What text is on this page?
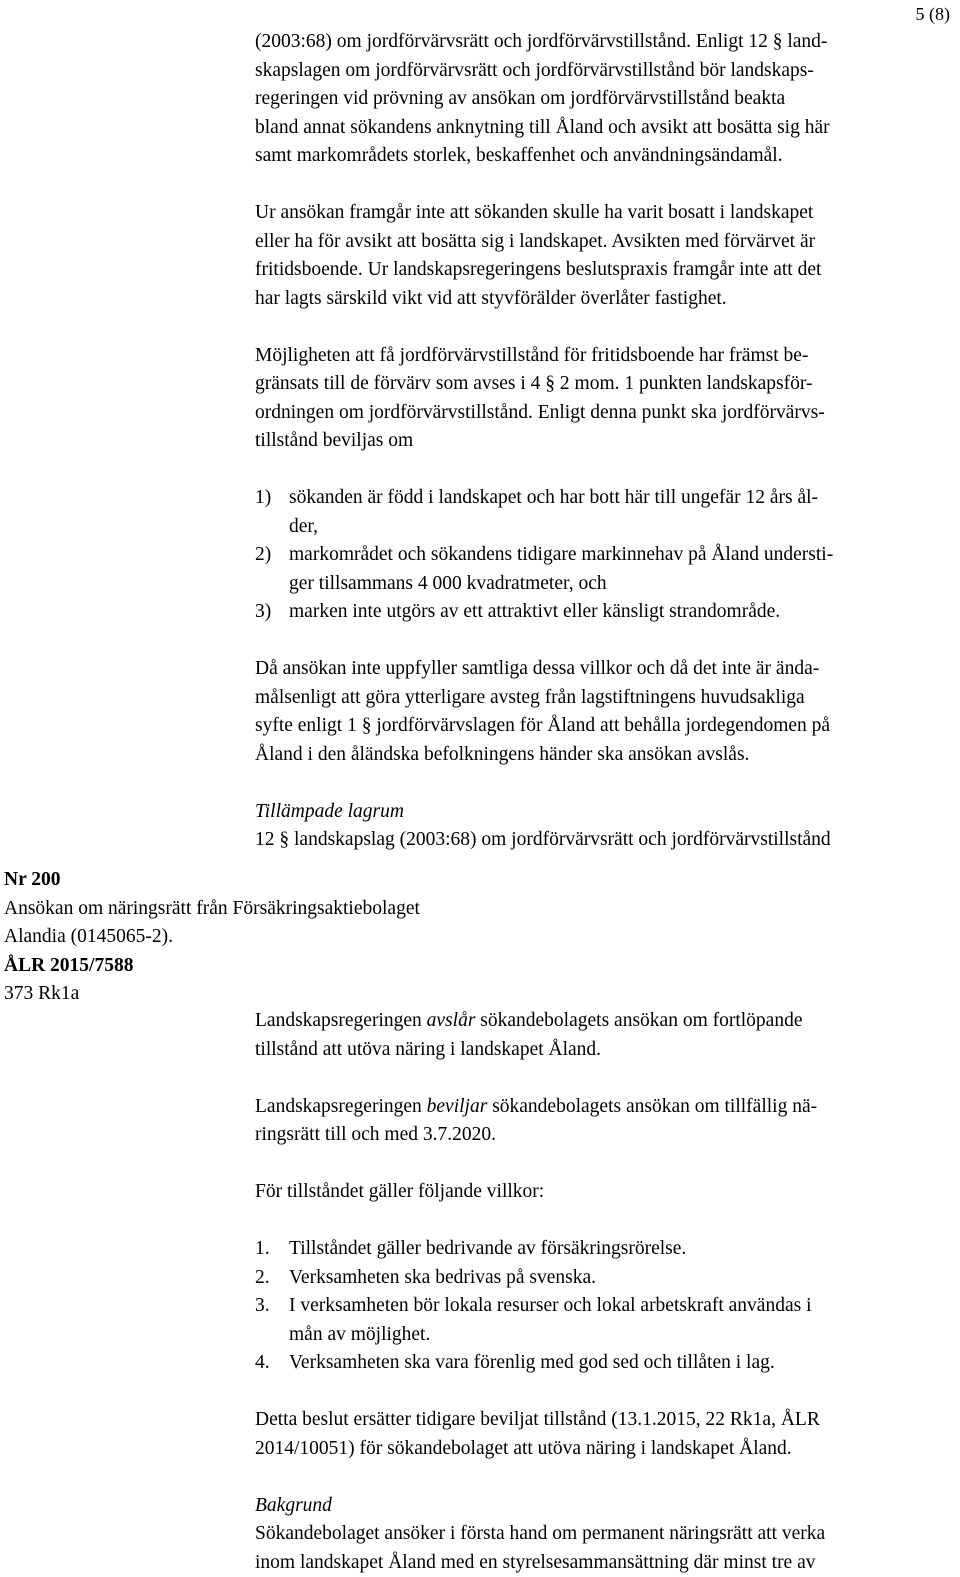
5 (8)

(2003:68) om jordförvärvsrätt och jordförvärvstillstånd. Enligt 12 § land-
skapslagen om jordförvärvsrätt och jordförvärvstillstånd bör landskaps-
regeringen vid prövning av ansökan om jordförvärvstillstånd beakta
bland annat sökandens anknytning till Åland och avsikt att bosätta sig här
samt markområdets storlek, beskaffenhet och användningsändamål.

Ur ansökan framgår inte att sökanden skulle ha varit bosatt i landskapet
eller ha för avsikt att bosätta sig i landskapet. Avsikten med förvärvet är
fritidsboende. Ur landskapsregeringens beslutspraxis framgår inte att det
har lagts särskild vikt vid att styvförälder överlåter fastighet.

Möjligheten att få jordförvärvstillstånd för fritidsboende har främst be-
gränsats till de förvärv som avses i 4 § 2 mom. 1 punkten landskapsför-
ordningen om jordförvärvstillstånd. Enligt denna punkt ska jordförvärvs-
tillstånd beviljas om

1) sökanden är född i landskapet och har bott här till ungefär 12 års ål-
der,
2) markområdet och sökandens tidigare markinnehav på Åland understi-
ger tillsammans 4 000 kvadratmeter, och
3) marken inte utgörs av ett attraktivt eller känsligt strandområde.

Då ansökan inte uppfyller samtliga dessa villkor och då det inte är ända-
målsenligt att göra ytterligare avsteg från lagstiftningens huvudsakliga
syfte enligt 1 § jordförvärvslagen för Åland att behålla jordegendomen på
Åland i den åländska befolkningens händer ska ansökan avslås.

Tillämpade lagrum

12 § landskapslag (2003:68) om jordförvärvsrätt och jordförvärvstillstånd

Nr 200
Ansökan om näringsrätt från Försäkringsaktiebolaget
Alandia (0145065-2).
ÅLR 2015/7588
373 Rk1a

Landskapsregeringen avslår sökandebolagets ansökan om fortlöpande
tillstånd att utöva näring i landskapet Åland.

Landskapsregeringen beviljar sökandebolagets ansökan om tillfällig nä-
ringsrätt till och med 3.7.2020.

För tillståndet gäller följande villkor:

1. Tillståndet gäller bedrivande av försäkringsrörelse.
2. Verksamheten ska bedrivas på svenska.
3. I verksamheten bör lokala resurser och lokal arbetskraft användas i
mån av möjlighet.
4. Verksamheten ska vara förenlig med god sed och tillåten i lag.

Detta beslut ersätter tidigare beviljat tillstånd (13.1.2015, 22 Rk1a, ÅLR
2014/10051) för sökandebolaget att utöva näring i landskapet Åland.

Bakgrund

Sökandebolaget ansöker i första hand om permanent näringsrätt att verka
inom landskapet Åland med en styrelsesammansättning där minst tre av
